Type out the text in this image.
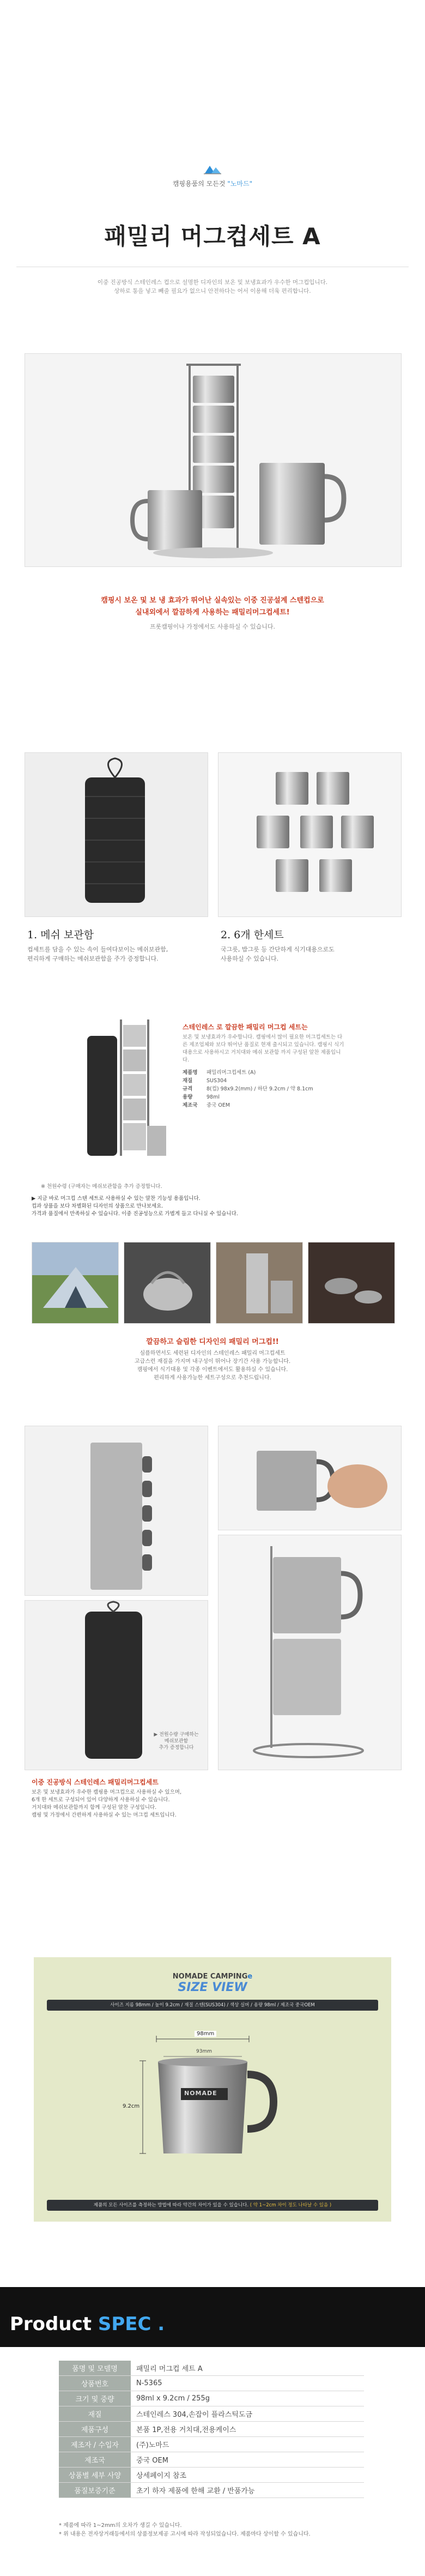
캠핑용품의 모든것 "노마드"
패밀리 머그컵세트 A
이중 진공방식 스테인레스 컵으로 설명한 디자인의 보온 및 보냉효과가 우수한 머그컵입니다.
상하로 통을 넣고 빼줄 필요가 없으니 안전하다는 어서 이용해 더욱 편리합니다.
캠핑시 보온 및 보 냉 효과가 뛰어난 실속있는 이중 진공설계 스텐컵으로
실내외에서 깔끔하게 사용하는 패밀리머그컵세트!
프롯캠핑이나 가정에서도 사용하실 수 있습니다.
1. 메쉬 보관함
컵세트를 담을 수 있는 속이 들여다보이는 메쉬보관함,
편리하게 구매하는 메쉬보관함을 주가 증정합니다.
2. 6개 한세트
국그릇, 밥그릇 등 간단하게 식기대용으로도
사용하실 수 있습니다.
스테인레스 로 깔끔한 패밀리 머그컵 세트는
보온 및 보냉효과가 우수합니다. 캠핑에서 많이 필요한 머그컵세트는 다른 제조업체와 보다 뛰어난 품질로 현재 출시되고 있습니다. 캠핑시 식기대용으로 사용하시고 거치대와 메쉬 보관함 까지 구성된 알찬 제품입니다.
제품명 패밀리머그컵세트 (A)
재질	SUS304
규격	8(컵) 98x9.2(mm) / 하단 9.2cm / 약 8.1cm
용량	98ml
제조국 중국 OEM
※ 천원수령 (구매자는 메쉬보관함을 추가 증정합니다.
▶ 지금 바로 머그컵 스텐 세트로 사용하실 수 있는 알찬 기능성 용품입니다.
컵과 상품을 보다 차별화된 디자인의 상품으로 만나보세요.
가격과 품질에서 만족하실 수 있습니다. 이중 진공성능으로 가볍게 들고 다니실 수 있습니다.
깔끔하고 슬림한 디자인의 패밀리 머그컵!!
심플하면서도 세련된 디자인의 스테인레스 패밀리 머그컵세트
고급스런 재질을 가지며 내구성이 뛰어나 장기간 사용 가능합니다.
캠핑에서 식기대용 및 각종 이벤트에서도 활용하실 수 있습니다.
편리하게 사용가능한 세트구성으로 추천드립니다.
▶ 전원수량 구매하는
메쉬보관함
추가 증정합니다
이중 진공방식 스테인레스 패밀리머그컵세트
보온 및 보냉효과가 우수한 캠핑용 머그컵으로 사용하실 수 있으며,
6개 한 세트로 구성되어 있어 다양하게 사용하실 수 있습니다.
거치대와 메쉬보관함까지 함께 구성된 알찬 구성입니다.
캠핑 및 가정에서 간편하게 사용하실 수 있는 머그컵 세트입니다.
NOMADE CAMPINGe
SIZE VIEW
사이즈 지름 98mm / 높이 9.2cm / 재질 스텐(SUS304) / 색상 실버 / 용량 98ml / 제조국 중국OEM
98mm
93mm
9.2cm
NOMADE
제품의 모든 사이즈를 측정하는 방법에 따라 약간의 차이가 있을 수 있습니다. ( 약 1~2cm 차이 정도 나타날 수 있음 )
Product SPEC .
품명 및 모델명	패밀리 머그컵 세트 A
상품번호	N-5365
크기 및 중량	98ml x 9.2cm / 255g
재질	스테인레스 304,손잡이 플라스틱도금
제품구성	본품 1P,전용 거치대,전용케이스
제조자 / 수입자	(주)노마드
제조국	중국 OEM
상품별 세부 사양	상세페이지 참조
품질보증기준	초기 하자 제품에 한해 교환 / 반품가능
* 제품에 따라 1~2mm의 오차가 생길 수 있습니다.
* 위 내용은 전자상거래등에서의 상품정보제공 고시에 따라 작성되었습니다. 제품마다 상이할 수 있습니다.
